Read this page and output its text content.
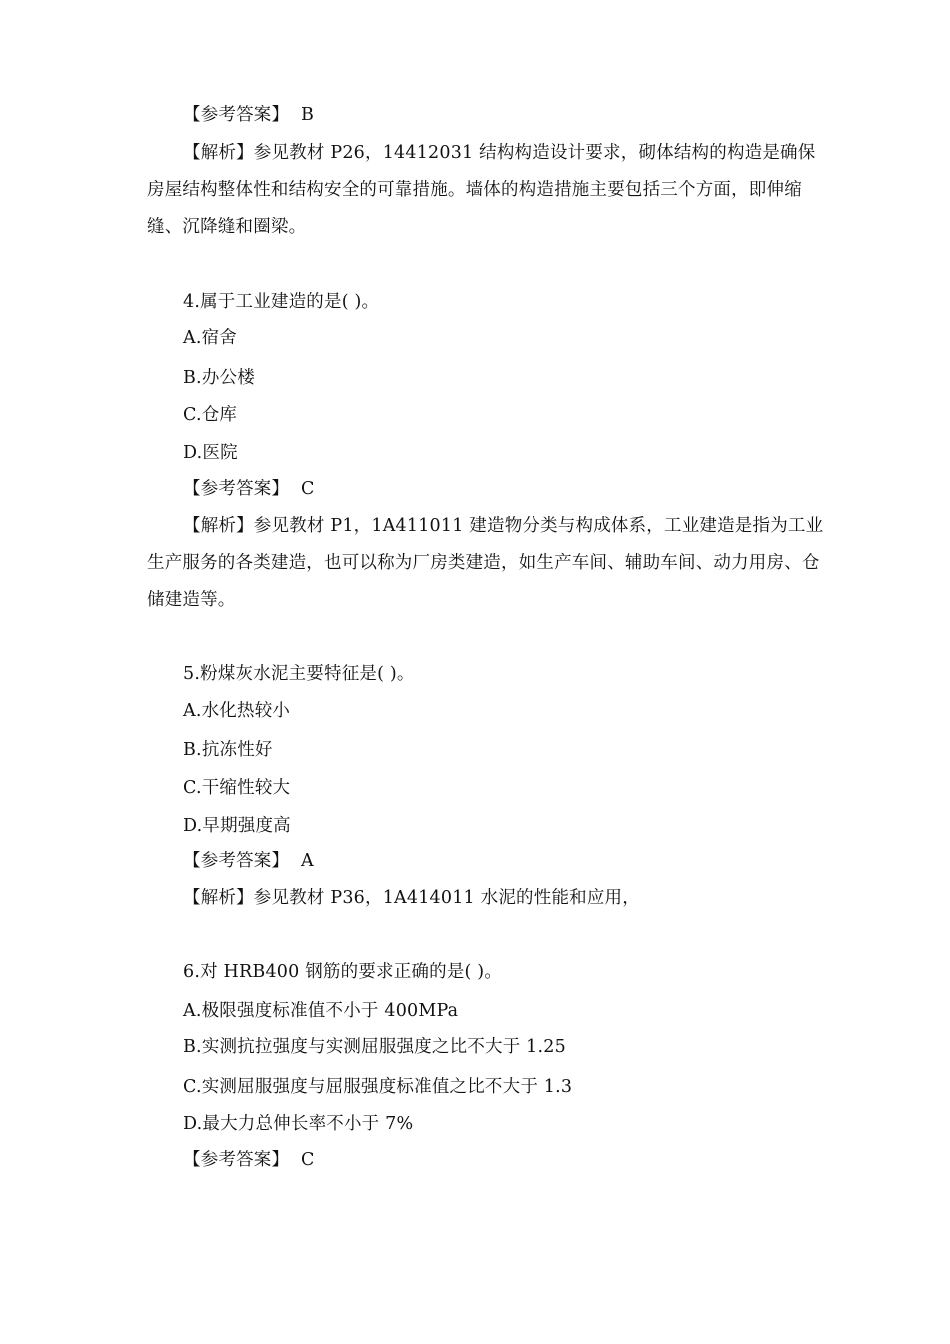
【参考答案】 B
【解析】参见教材 P26，14412031 结构构造设计要求，砌体结构的构造是确保房屋结构整体性和结构安全的可靠措施。墙体的构造措施主要包括三个方面，即伸缩缝、沉降缝和圈梁。
4.属于工业建造的是( )。
A.宿舍
B.办公楼
C.仓库
D.医院
【参考答案】 C
【解析】参见教材 P1，1A411011 建造物分类与构成体系，工业建造是指为工业生产服务的各类建造，也可以称为厂房类建造，如生产车间、辅助车间、动力用房、仓储建造等。
5.粉煤灰水泥主要特征是( )。
A.水化热较小
B.抗冻性好
C.干缩性较大
D.早期强度高
【参考答案】 A
【解析】参见教材 P36，1A414011 水泥的性能和应用，
6.对 HRB400 钢筋的要求正确的是( )。
A.极限强度标准值不小于 400MPa
B.实测抗拉强度与实测屈服强度之比不大于 1.25
C.实测屈服强度与屈服强度标准值之比不大于 1.3
D.最大力总伸长率不小于 7%
【参考答案】 C
